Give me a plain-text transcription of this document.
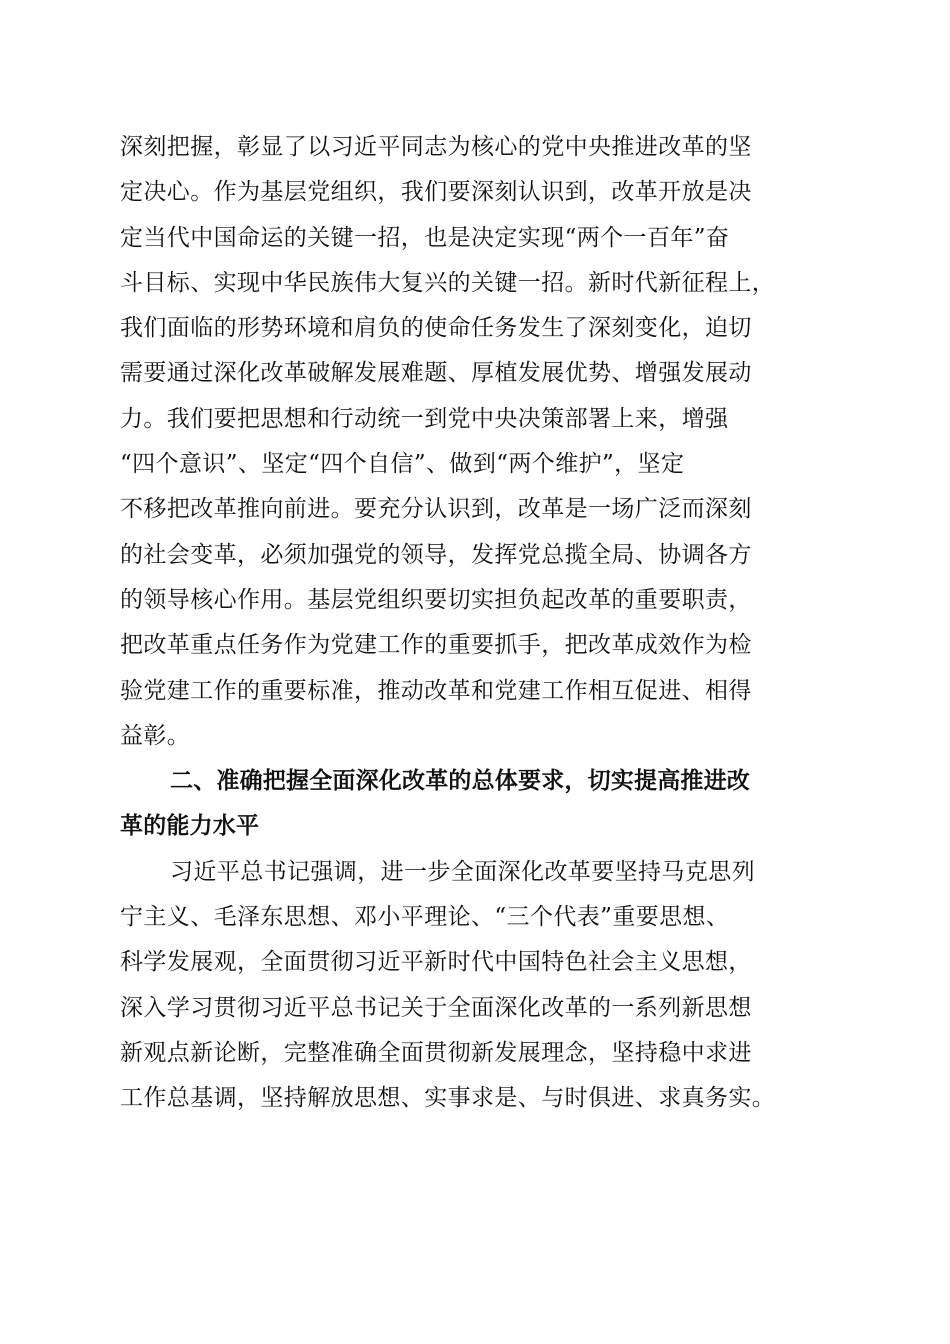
深刻把握，彰显了以习近平同志为核心的党中央推进改革的坚
定决心。作为基层党组织，我们要深刻认识到，改革开放是决
定当代中国命运的关键一招，也是决定实现“两个一百年”奋
斗目标、实现中华民族伟大复兴的关键一招。新时代新征程上，
我们面临的形势环境和肩负的使命任务发生了深刻变化，迫切
需要通过深化改革破解发展难题、厚植发展优势、增强发展动
力。我们要把思想和行动统一到党中央决策部署上来，增强
“四个意识”、坚定“四个自信”、做到“两个维护”，坚定
不移把改革推向前进。要充分认识到，改革是一场广泛而深刻
的社会变革，必须加强党的领导，发挥党总揽全局、协调各方
的领导核心作用。基层党组织要切实担负起改革的重要职责，
把改革重点任务作为党建工作的重要抓手，把改革成效作为检
验党建工作的重要标准，推动改革和党建工作相互促进、相得
益彰。
二、准确把握全面深化改革的总体要求，切实提高推进改
革的能力水平
习近平总书记强调，进一步全面深化改革要坚持马克思列
宁主义、毛泽东思想、邓小平理论、“三个代表”重要思想、
科学发展观，全面贯彻习近平新时代中国特色社会主义思想，
深入学习贯彻习近平总书记关于全面深化改革的一系列新思想
新观点新论断，完整准确全面贯彻新发展理念，坚持稳中求进
工作总基调，坚持解放思想、实事求是、与时俱进、求真务实。
